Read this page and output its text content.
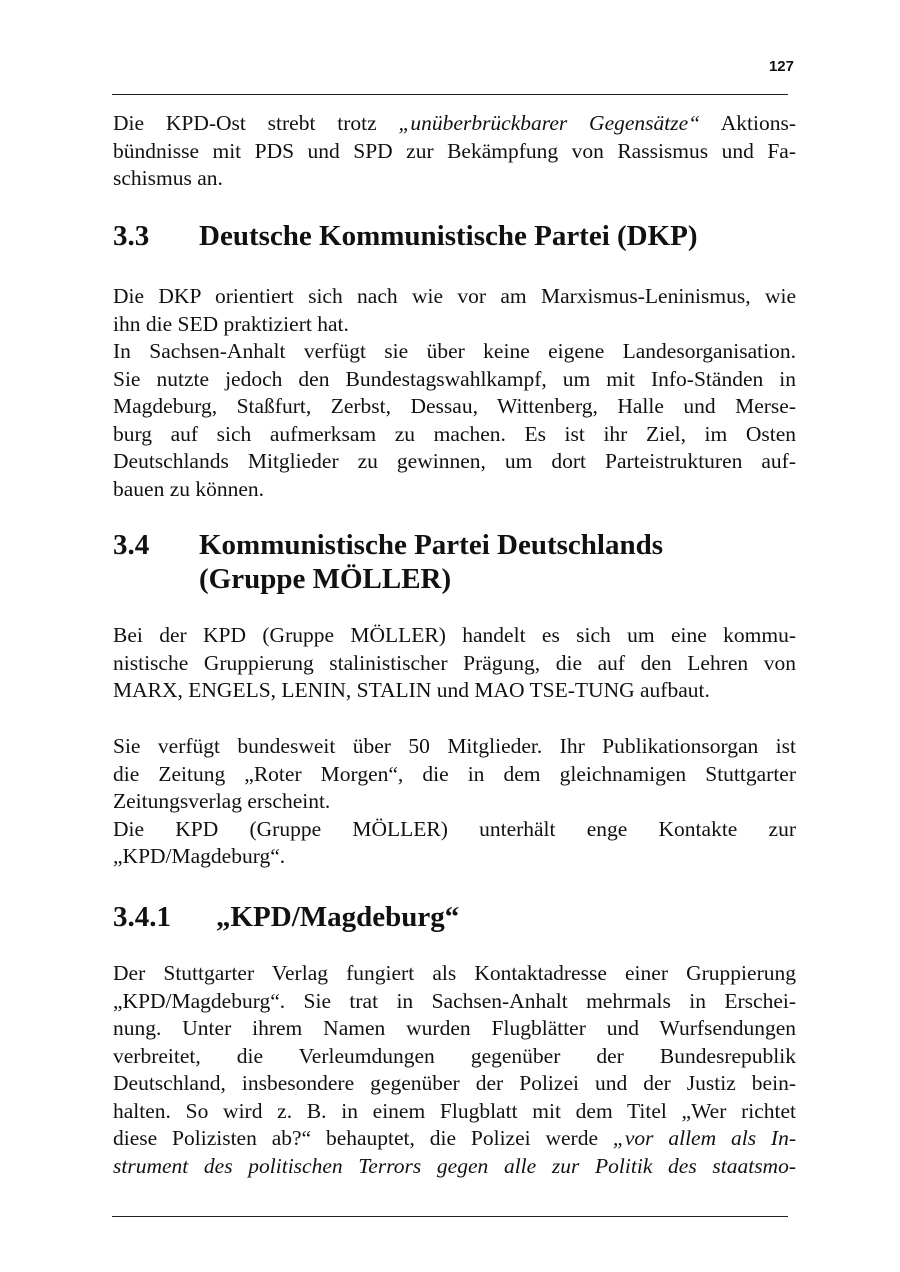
127
Die KPD-Ost strebt trotz „unüberbrückbarer Gegensätze“ Aktions-
bündnisse mit PDS und SPD zur Bekämpfung von Rassismus und Fa-
schismus an.
3.3 Deutsche Kommunistische Partei (DKP)
Die DKP orientiert sich nach wie vor am Marxismus-Leninismus, wie
ihn die SED praktiziert hat.
In Sachsen-Anhalt verfügt sie über keine eigene Landesorganisation.
Sie nutzte jedoch den Bundestagswahlkampf, um mit Info-Ständen in
Magdeburg, Staßfurt, Zerbst, Dessau, Wittenberg, Halle und Merse-
burg auf sich aufmerksam zu machen. Es ist ihr Ziel, im Osten
Deutschlands Mitglieder zu gewinnen, um dort Parteistrukturen auf-
bauen zu können.
3.4 Kommunistische Partei Deutschlands
(Gruppe MÖLLER)
Bei der KPD (Gruppe MÖLLER) handelt es sich um eine kommu-
nistische Gruppierung stalinistischer Prägung, die auf den Lehren von
MARX, ENGELS, LENIN, STALIN und MAO TSE-TUNG aufbaut.
Sie verfügt bundesweit über 50 Mitglieder. Ihr Publikationsorgan ist
die Zeitung „Roter Morgen“, die in dem gleichnamigen Stuttgarter
Zeitungsverlag erscheint.
Die KPD (Gruppe MÖLLER) unterhält enge Kontakte zur
„KPD/Magdeburg“.
3.4.1 „KPD/Magdeburg“
Der Stuttgarter Verlag fungiert als Kontaktadresse einer Gruppierung
„KPD/Magdeburg“. Sie trat in Sachsen-Anhalt mehrmals in Erschei-
nung. Unter ihrem Namen wurden Flugblätter und Wurfsendungen
verbreitet, die Verleumdungen gegenüber der Bundesrepublik
Deutschland, insbesondere gegenüber der Polizei und der Justiz bein-
halten. So wird z. B. in einem Flugblatt mit dem Titel „Wer richtet
diese Polizisten ab?“ behauptet, die Polizei werde „vor allem als In-
strument des politischen Terrors gegen alle zur Politik des staatsmo-
